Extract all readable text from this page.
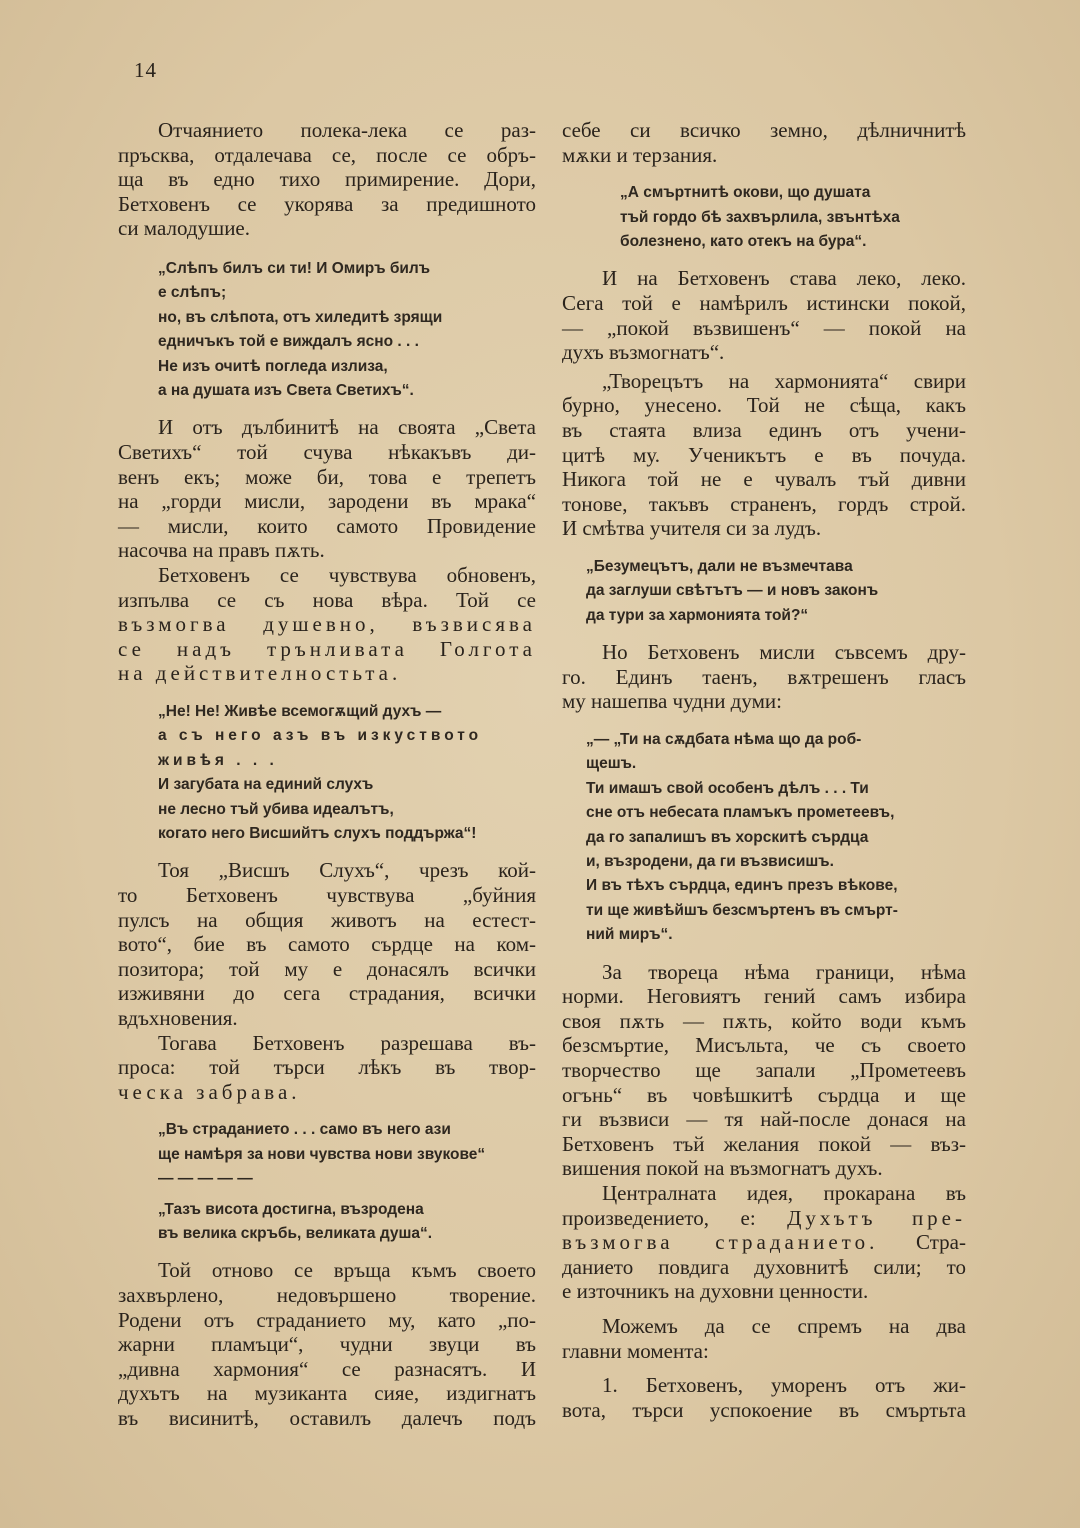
14

Отчаянието полека-лека се раз-
пръсква, отдалечава се, после се обръ-
ща въ едно тихо примирение. Дори,
Бетховенъ се укорява за предишното
си малодушие.

„Слѣпъ билъ си ти! И Омиръ билъ
е слѣпъ;
но, въ слѣпота, отъ хиледитѣ зрящи
едничъкъ той е виждалъ ясно . . .
Не изъ очитѣ погледа излиза,
а на душата изъ Света Светихъ“.

И отъ дълбинитѣ на своята „Света
Светихъ“ той счува нѣкакъвъ ди-
венъ екъ; може би, това е трепетъ
на „горди мисли, зародени въ мрака“
— мисли, които самото Провидение
насочва на правъ пѫть.

Бетховенъ се чувствува обновенъ,
изпълва се съ нова вѣра. Той се
възмогва душевно, възвисява
се надъ трънливата Голгота
на действителностьта.

„Не! Не! Живѣе всемогѫщий духъ —
а съ него азъ въ изкуството
живѣя . . .
И загубата на единий слухъ
не лесно тъй убива идеалътъ,
когато него Висшийтъ слухъ поддържа“!

Тоя „Висшъ Слухъ“, чрезъ кой-
то Бетховенъ чувствува „буйния
пулсъ на общия животъ на естест-
вото“, бие въ самото сърдце на ком-
позитора; той му е донасялъ всички
изживяни до сега страдания, всички
вдъхновения.

Тогава Бетховенъ разрешава въ-
проса: той търси лѣкъ въ твор-
ческа забрава.

„Въ страданието . . . само въ него ази
ще намѣря за нови чувства нови звукове“
— — — — —
„Тазъ висота достигна, възродена
въ велика скръбь, великата душа“.

Той отново се връща къмъ своето
захвърлено, недовършено творение.
Родени отъ страданието му, като „по-
жарни пламъци“, чудни звуци въ
„дивна хармония“ се разнасятъ. И
духътъ на музиканта сияе, издигнатъ
въ висинитѣ, оставилъ далечъ подъ

себе си всичко земно, дѣлничнитѣ
мѫки и терзания.

„А смъртнитѣ окови, що душата
тъй гордо бѣ захвърлила, звънтѣха
болезнено, като отекъ на бура“.

И на Бетховенъ става леко, леко.
Сега той е намѣрилъ истински покой,
— „покой възвишенъ“ — покой на
духъ възмогнатъ“.

„Творецътъ на хармонията“ свири
бурно, унесено. Той не сѣща, какъ
въ стаята влиза единъ отъ учени-
цитѣ му. Ученикътъ е въ почуда.
Никога той не е чувалъ тъй дивни
тонове, такъвъ страненъ, гордъ строй.
И смѣтва учителя си за лудъ.

„Безумецътъ, дали не възмечтава
да заглуши свѣтътъ — и новъ законъ
да тури за хармонията той?“

Но Бетховенъ мисли съвсемъ дру-
го. Единъ таенъ, вѫтрешенъ гласъ
му нашепва чудни думи:

„— „Ти на сѫдбата нѣма що да роб-
щешъ.
Ти имашъ свой особенъ дѣлъ . . . Ти
сне отъ небесата пламъкъ прометеевъ,
да го запалишъ въ хорскитѣ сърдца
и, възродени, да ги възвисишъ.
И въ тѣхъ сърдца, единъ презъ вѣкове,
ти ще живѣйшъ безсмъртенъ въ смърт-
ний миръ“.

За твореца нѣма граници, нѣма
норми. Неговиятъ гений самъ избира
своя пѫть — пѫть, който води къмъ
безсмъртие, Мисъльта, че съ своето
творчество ще запали „Прометеевъ
огънь“ въ човѣшкитѣ сърдца и ще
ги възвиси — тя най-после донася на
Бетховенъ тъй желания покой — въз-
вишения покой на възмогнатъ духъ.

Централната идея, прокарана въ
произведението, е: Духътъ пре-
възмогва страданието. Стра-
данието повдига духовнитѣ сили; то
е източникъ на духовни ценности.

Можемъ да се спремъ на два
главни момента:

1. Бетховенъ, уморенъ отъ жи-
вота, търси успокоение въ смъртьта
